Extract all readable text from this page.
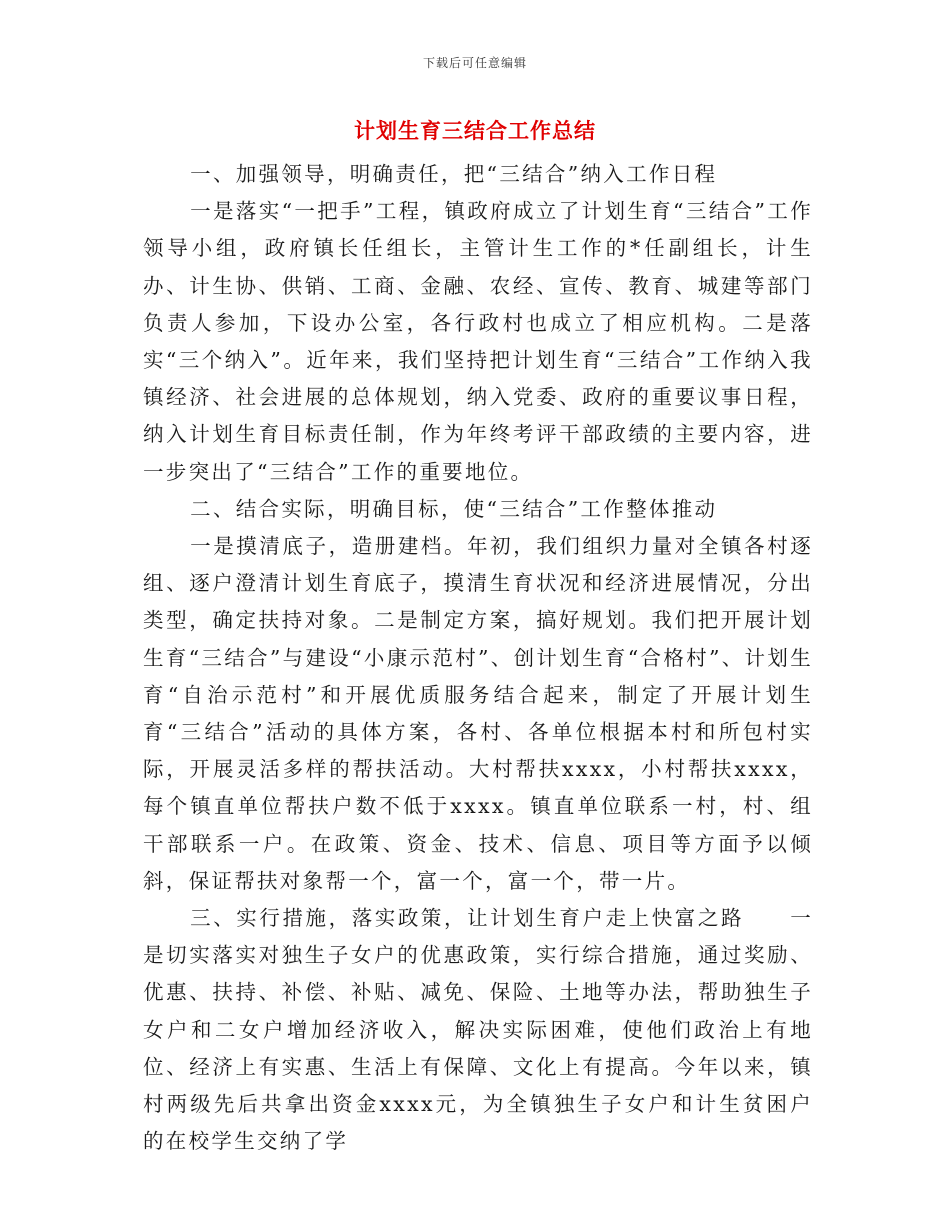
下载后可任意编辑
计划生育三结合工作总结

一、加强领导，明确责任，把“三结合”纳入工作日程

一是落实“一把手”工程，镇政府成立了计划生育“三结合”工作领导小组，政府镇长任组长，主管计生工作的*任副组长，计生办、计生协、供销、工商、金融、农经、宣传、教育、城建等部门负责人参加，下设办公室，各行政村也成立了相应机构。二是落实“三个纳入”。近年来，我们坚持把计划生育“三结合”工作纳入我镇经济、社会进展的总体规划，纳入党委、政府的重要议事日程，纳入计划生育目标责任制，作为年终考评干部政绩的主要内容，进一步突出了“三结合”工作的重要地位。

二、结合实际，明确目标，使“三结合”工作整体推动

一是摸清底子，造册建档。年初，我们组织力量对全镇各村逐组、逐户澄清计划生育底子，摸清生育状况和经济进展情况，分出类型，确定扶持对象。二是制定方案，搞好规划。我们把开展计划生育“三结合”与建设“小康示范村”、创计划生育“合格村”、计划生育“自治示范村”和开展优质服务结合起来，制定了开展计划生育“三结合”活动的具体方案，各村、各单位根据本村和所包村实际，开展灵活多样的帮扶活动。大村帮扶xxxx，小村帮扶xxxx，每个镇直单位帮扶户数不低于xxxx。镇直单位联系一村，村、组干部联系一户。在政策、资金、技术、信息、项目等方面予以倾斜，保证帮扶对象帮一个，富一个，富一个，带一片。

三、实行措施，落实政策，让计划生育户走上快富之路　　一是切实落实对独生子女户的优惠政策，实行综合措施，通过奖励、优惠、扶持、补偿、补贴、减免、保险、土地等办法，帮助独生子女户和二女户增加经济收入，解决实际困难，使他们政治上有地位、经济上有实惠、生活上有保障、文化上有提高。今年以来，镇村两级先后共拿出资金xxxx元，为全镇独生子女户和计生贫困户的在校学生交纳了学
